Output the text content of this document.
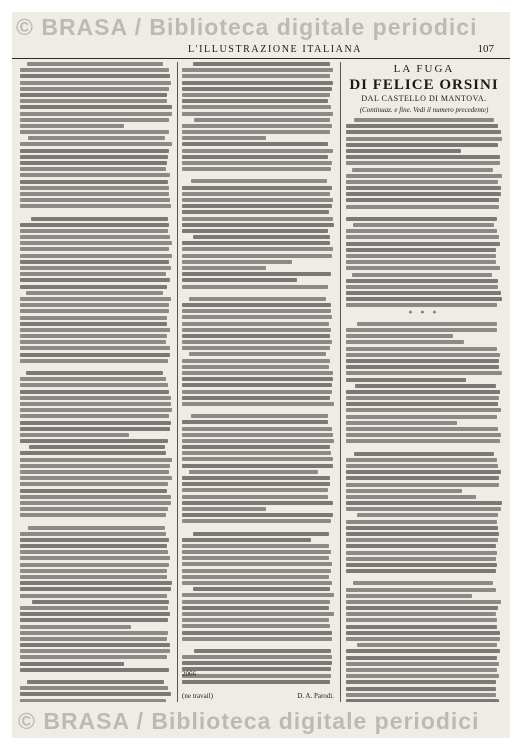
© BRASA / Biblioteca digitale periodici
L'ILLUSTRAZIONE ITALIANA	107
2066
(ne travail)	D. A. Parodi.
LA FUGA
DI FELICE ORSINI
DAL CASTELLO DI MANTOVA.
(Continuaz. e fine. Vedi il numero precedente)
* * *
© BRASA / Biblioteca digitale periodici
